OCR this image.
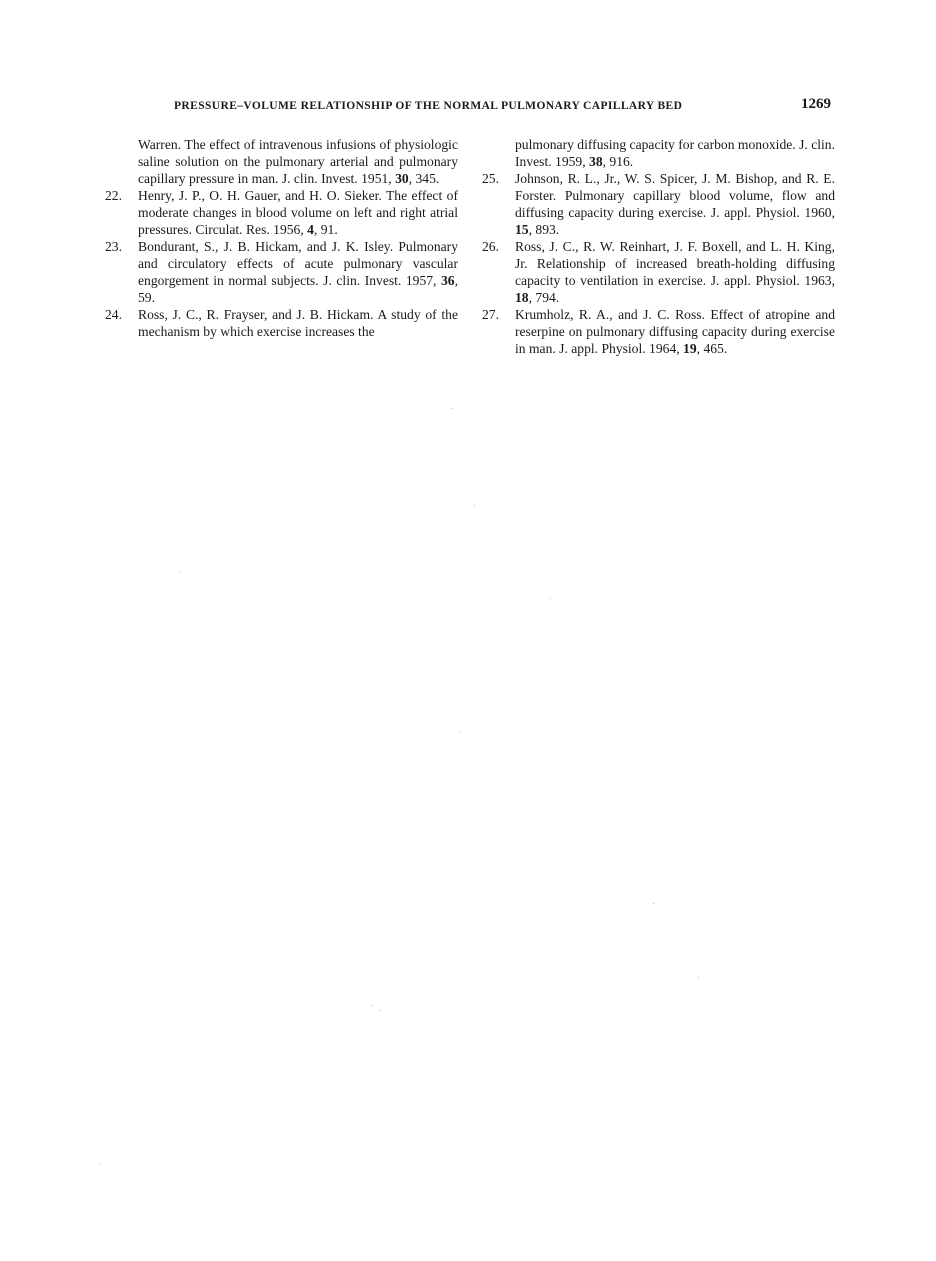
PRESSURE–VOLUME RELATIONSHIP OF THE NORMAL PULMONARY CAPILLARY BED	1269

Warren. The effect of intravenous infusions of physiologic saline solution on the pulmonary arterial and pulmonary capillary pressure in man. J. clin. Invest. 1951, 30, 345.

22. Henry, J. P., O. H. Gauer, and H. O. Sieker. The effect of moderate changes in blood volume on left and right atrial pressures. Circulat. Res. 1956, 4, 91.

23. Bondurant, S., J. B. Hickam, and J. K. Isley. Pulmonary and circulatory effects of acute pulmonary vascular engorgement in normal subjects. J. clin. Invest. 1957, 36, 59.

24. Ross, J. C., R. Frayser, and J. B. Hickam. A study of the mechanism by which exercise increases the

pulmonary diffusing capacity for carbon monoxide. J. clin. Invest. 1959, 38, 916.

25. Johnson, R. L., Jr., W. S. Spicer, J. M. Bishop, and R. E. Forster. Pulmonary capillary blood volume, flow and diffusing capacity during exercise. J. appl. Physiol. 1960, 15, 893.

26. Ross, J. C., R. W. Reinhart, J. F. Boxell, and L. H. King, Jr. Relationship of increased breath-holding diffusing capacity to ventilation in exercise. J. appl. Physiol. 1963, 18, 794.

27. Krumholz, R. A., and J. C. Ross. Effect of atropine and reserpine on pulmonary diffusing capacity during exercise in man. J. appl. Physiol. 1964, 19, 465.
